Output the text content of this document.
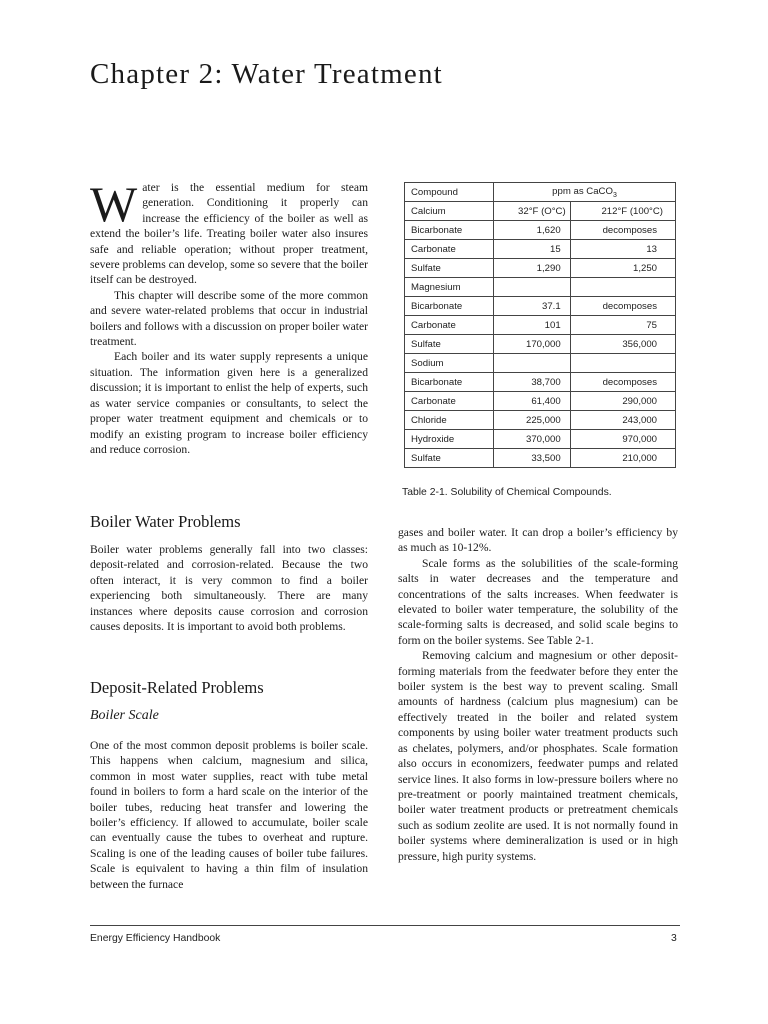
Chapter 2: Water Treatment

Water is the essential medium for steam generation. Conditioning it properly can increase the efficiency of the boiler as well as extend the boiler’s life. Treating boiler water also insures safe and reliable operation; without proper treatment, severe problems can develop, some so severe that the boiler itself can be destroyed.

This chapter will describe some of the more common and severe water-related problems that occur in industrial boilers and follows with a discussion on proper boiler water treatment.

Each boiler and its water supply represents a unique situation. The information given here is a generalized discussion; it is important to enlist the help of experts, such as water service companies or consultants, to select the proper water treatment equipment and chemicals or to modify an existing program to increase boiler efficiency and reduce corrosion.

Boiler Water Problems

Boiler water problems generally fall into two classes: deposit-related and corrosion-related. Because the two often interact, it is very common to find a boiler experiencing both simultaneously. There are many instances where deposits cause corrosion and corrosion causes deposits. It is important to avoid both problems.

Deposit-Related Problems
Boiler Scale

One of the most common deposit problems is boiler scale. This happens when calcium, magnesium and silica, common in most water supplies, react with tube metal found in boilers to form a hard scale on the interior of the boiler tubes, reducing heat transfer and lowering the boiler’s efficiency. If allowed to accumulate, boiler scale can eventually cause the tubes to overheat and rupture. Scaling is one of the leading causes of boiler tube failures. Scale is equivalent to having a thin film of insulation between the furnace

Compound	ppm as CaCO$_3$
Calcium	32°F (O°C)	212°F (100°C)
Bicarbonate	1,620	decomposes
Carbonate	15	13
Sulfate	1,290	1,250
Magnesium		
Bicarbonate	37.1	decomposes
Carbonate	101	75
Sulfate	170,000	356,000
Sodium		
Bicarbonate	38,700	decomposes
Carbonate	61,400	290,000
Chloride	225,000	243,000
Hydroxide	370,000	970,000
Sulfate	33,500	210,000
Table 2-1. Solubility of Chemical Compounds.

gases and boiler water. It can drop a boiler’s efficiency by as much as 10-12%.

Scale forms as the solubilities of the scale-forming salts in water decreases and the temperature and concentrations of the salts increases. When feedwater is elevated to boiler water temperature, the solubility of the scale-forming salts is decreased, and solid scale begins to form on the boiler systems. See Table 2-1.

Removing calcium and magnesium or other deposit-forming materials from the feedwater before they enter the boiler system is the best way to prevent scaling. Small amounts of hardness (calcium plus magnesium) can be effectively treated in the boiler and related system components by using boiler water treatment products such as chelates, polymers, and/or phosphates. Scale formation also occurs in economizers, feedwater pumps and related service lines. It also forms in low-pressure boilers where no pre-treatment or poorly maintained treatment chemicals, boiler water treatment products or pretreatment chemicals such as sodium zeolite are used. It is not normally found in boiler systems where demineralization is used or in high pressure, high purity systems.

Energy Efficiency Handbook	3
